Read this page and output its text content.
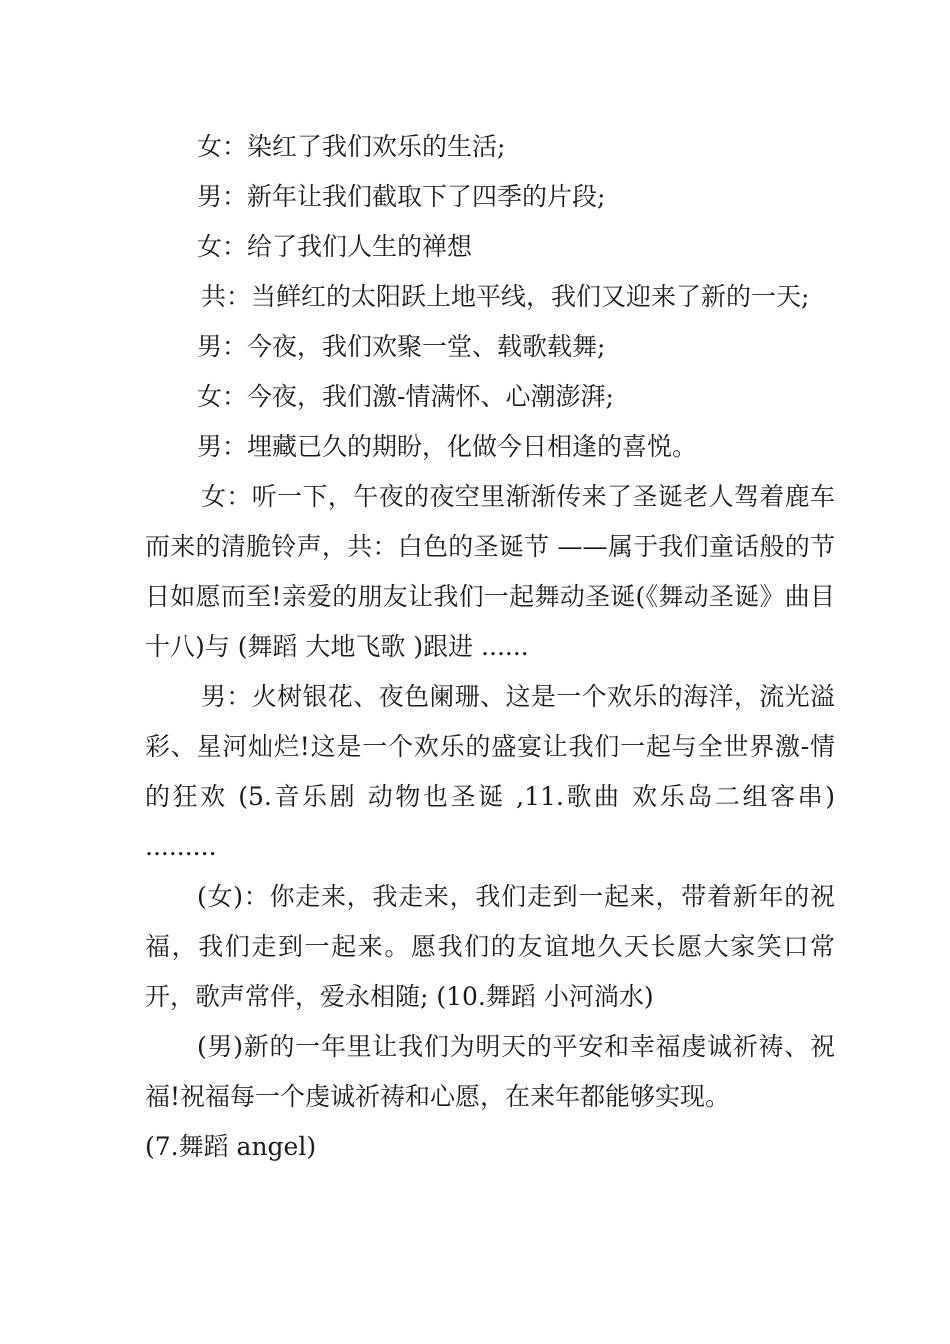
女：染红了我们欢乐的生活;

男：新年让我们截取下了四季的片段;

女：给了我们人生的禅想

共：当鲜红的太阳跃上地平线，我们又迎来了新的一天;

男：今夜，我们欢聚一堂、载歌载舞;

女：今夜，我们激-情满怀、心潮澎湃;

男：埋藏已久的期盼，化做今日相逢的喜悦。

女：听一下，午夜的夜空里渐渐传来了圣诞老人驾着鹿车而来的清脆铃声，共：白色的圣诞节 ——属于我们童话般的节日如愿而至!亲爱的朋友让我们一起舞动圣诞(《舞动圣诞》曲目十八)与 (舞蹈 大地飞歌 )跟进 ......

男：火树银花、夜色阑珊、这是一个欢乐的海洋，流光溢彩、星河灿烂!这是一个欢乐的盛宴让我们一起与全世界激-情的狂欢 (5.音乐剧 动物也圣诞 ,11.歌曲 欢乐岛二组客串) .........

(女)：你走来，我走来，我们走到一起来，带着新年的祝福，我们走到一起来。愿我们的友谊地久天长愿大家笑口常开，歌声常伴，爱永相随; (10.舞蹈 小河淌水)

(男)新的一年里让我们为明天的平安和幸福虔诚祈祷、祝福!祝福每一个虔诚祈祷和心愿，在来年都能够实现。

(7.舞蹈 angel)
